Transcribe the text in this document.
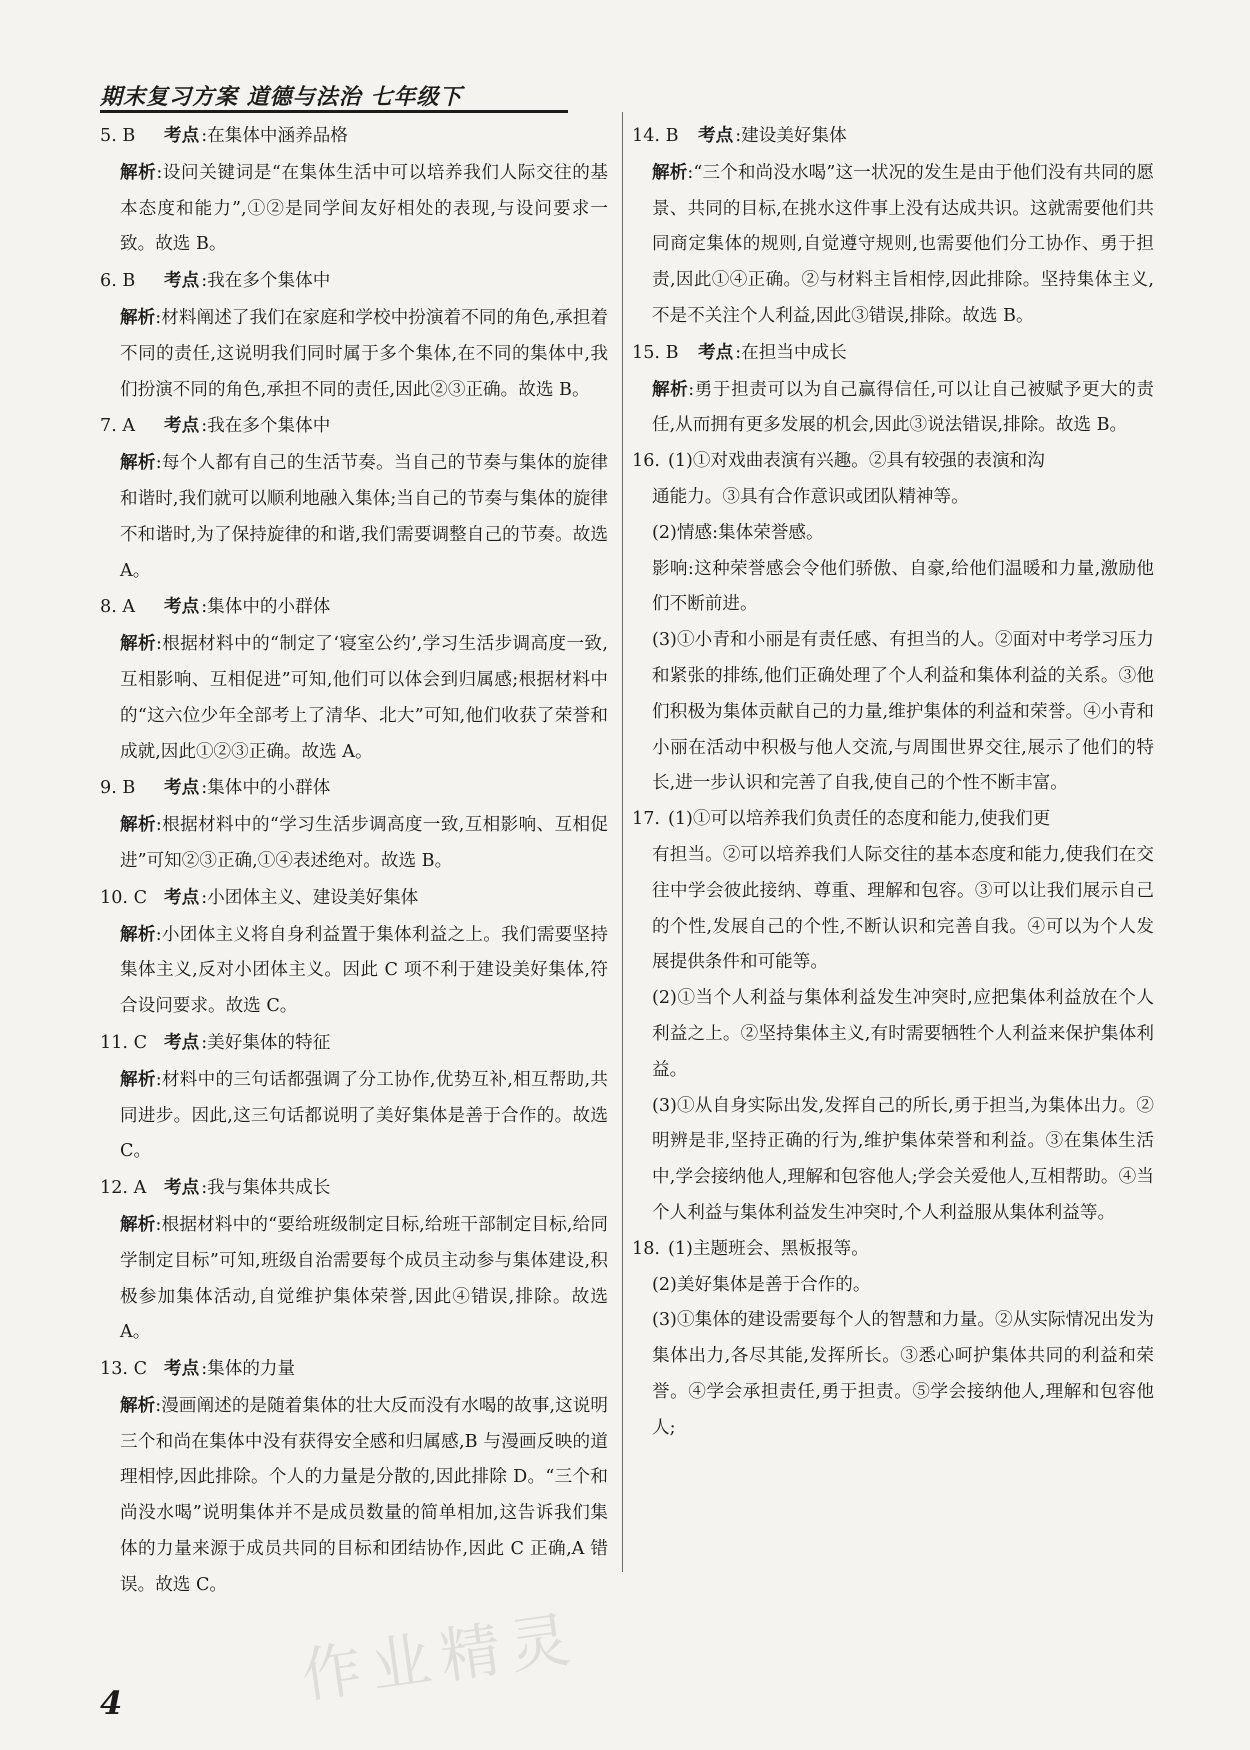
期末复习方案 道德与法治 七年级下
5. B 考点 :在集体中涵养品格
解析:设问关键词是“在集体生活中可以培养我们人际交往的基本态度和能力”,①②是同学间友好相处的表现,与设问要求一致。故选 B。
6. B 考点 :我在多个集体中
解析:材料阐述了我们在家庭和学校中扮演着不同的角色,承担着不同的责任,这说明我们同时属于多个集体,在不同的集体中,我们扮演不同的角色,承担不同的责任,因此②③正确。故选 B。
7. A 考点 :我在多个集体中
解析:每个人都有自己的生活节奏。当自己的节奏与集体的旋律和谐时,我们就可以顺利地融入集体;当自己的节奏与集体的旋律不和谐时,为了保持旋律的和谐,我们需要调整自己的节奏。故选 A。
8. A 考点 :集体中的小群体
解析:根据材料中的“制定了‘寝室公约’,学习生活步调高度一致,互相影响、互相促进”可知,他们可以体会到归属感;根据材料中的“这六位少年全部考上了清华、北大”可知,他们收获了荣誉和成就,因此①②③正确。故选 A。
9. B 考点 :集体中的小群体
解析:根据材料中的“学习生活步调高度一致,互相影响、互相促进”可知②③正确,①④表述绝对。故选 B。
10. C 考点 :小团体主义、建设美好集体
解析:小团体主义将自身利益置于集体利益之上。我们需要坚持集体主义,反对小团体主义。因此 C 项不利于建设美好集体,符合设问要求。故选 C。
11. C 考点 :美好集体的特征
解析:材料中的三句话都强调了分工协作,优势互补,相互帮助,共同进步。因此,这三句话都说明了美好集体是善于合作的。故选 C。
12. A 考点 :我与集体共成长
解析:根据材料中的“要给班级制定目标,给班干部制定目标,给同学制定目标”可知,班级自治需要每个成员主动参与集体建设,积极参加集体活动,自觉维护集体荣誉,因此④错误,排除。故选 A。
13. C 考点 :集体的力量
解析:漫画阐述的是随着集体的壮大反而没有水喝的故事,这说明三个和尚在集体中没有获得安全感和归属感,B 与漫画反映的道理相悖,因此排除。个人的力量是分散的,因此排除 D。“三个和尚没水喝”说明集体并不是成员数量的简单相加,这告诉我们集体的力量来源于成员共同的目标和团结协作,因此 C 正确,A 错误。故选 C。
14. B 考点 :建设美好集体
解析:“三个和尚没水喝”这一状况的发生是由于他们没有共同的愿景、共同的目标,在挑水这件事上没有达成共识。这就需要他们共同商定集体的规则,自觉遵守规则,也需要他们分工协作、勇于担责,因此①④正确。②与材料主旨相悖,因此排除。坚持集体主义,不是不关注个人利益,因此③错误,排除。故选 B。
15. B 考点 :在担当中成长
解析:勇于担责可以为自己赢得信任,可以让自己被赋予更大的责任,从而拥有更多发展的机会,因此③说法错误,排除。故选 B。
16. (1)①对戏曲表演有兴趣。②具有较强的表演和沟
通能力。③具有合作意识或团队精神等。
(2)情感:集体荣誉感。
影响:这种荣誉感会令他们骄傲、自豪,给他们温暖和力量,激励他们不断前进。
(3)①小青和小丽是有责任感、有担当的人。②面对中考学习压力和紧张的排练,他们正确处理了个人利益和集体利益的关系。③他们积极为集体贡献自己的力量,维护集体的利益和荣誉。④小青和小丽在活动中积极与他人交流,与周围世界交往,展示了他们的特长,进一步认识和完善了自我,使自己的个性不断丰富。
17. (1)①可以培养我们负责任的态度和能力,使我们更
有担当。②可以培养我们人际交往的基本态度和能力,使我们在交往中学会彼此接纳、尊重、理解和包容。③可以让我们展示自己的个性,发展自己的个性,不断认识和完善自我。④可以为个人发展提供条件和可能等。
(2)①当个人利益与集体利益发生冲突时,应把集体利益放在个人利益之上。②坚持集体主义,有时需要牺牲个人利益来保护集体利益。
(3)①从自身实际出发,发挥自己的所长,勇于担当,为集体出力。②明辨是非,坚持正确的行为,维护集体荣誉和利益。③在集体生活中,学会接纳他人,理解和包容他人;学会关爱他人,互相帮助。④当个人利益与集体利益发生冲突时,个人利益服从集体利益等。
18. (1)主题班会、黑板报等。
(2)美好集体是善于合作的。
(3)①集体的建设需要每个人的智慧和力量。②从实际情况出发为集体出力,各尽其能,发挥所长。③悉心呵护集体共同的利益和荣誉。④学会承担责任,勇于担责。⑤学会接纳他人,理解和包容他人;
作业精灵
4
